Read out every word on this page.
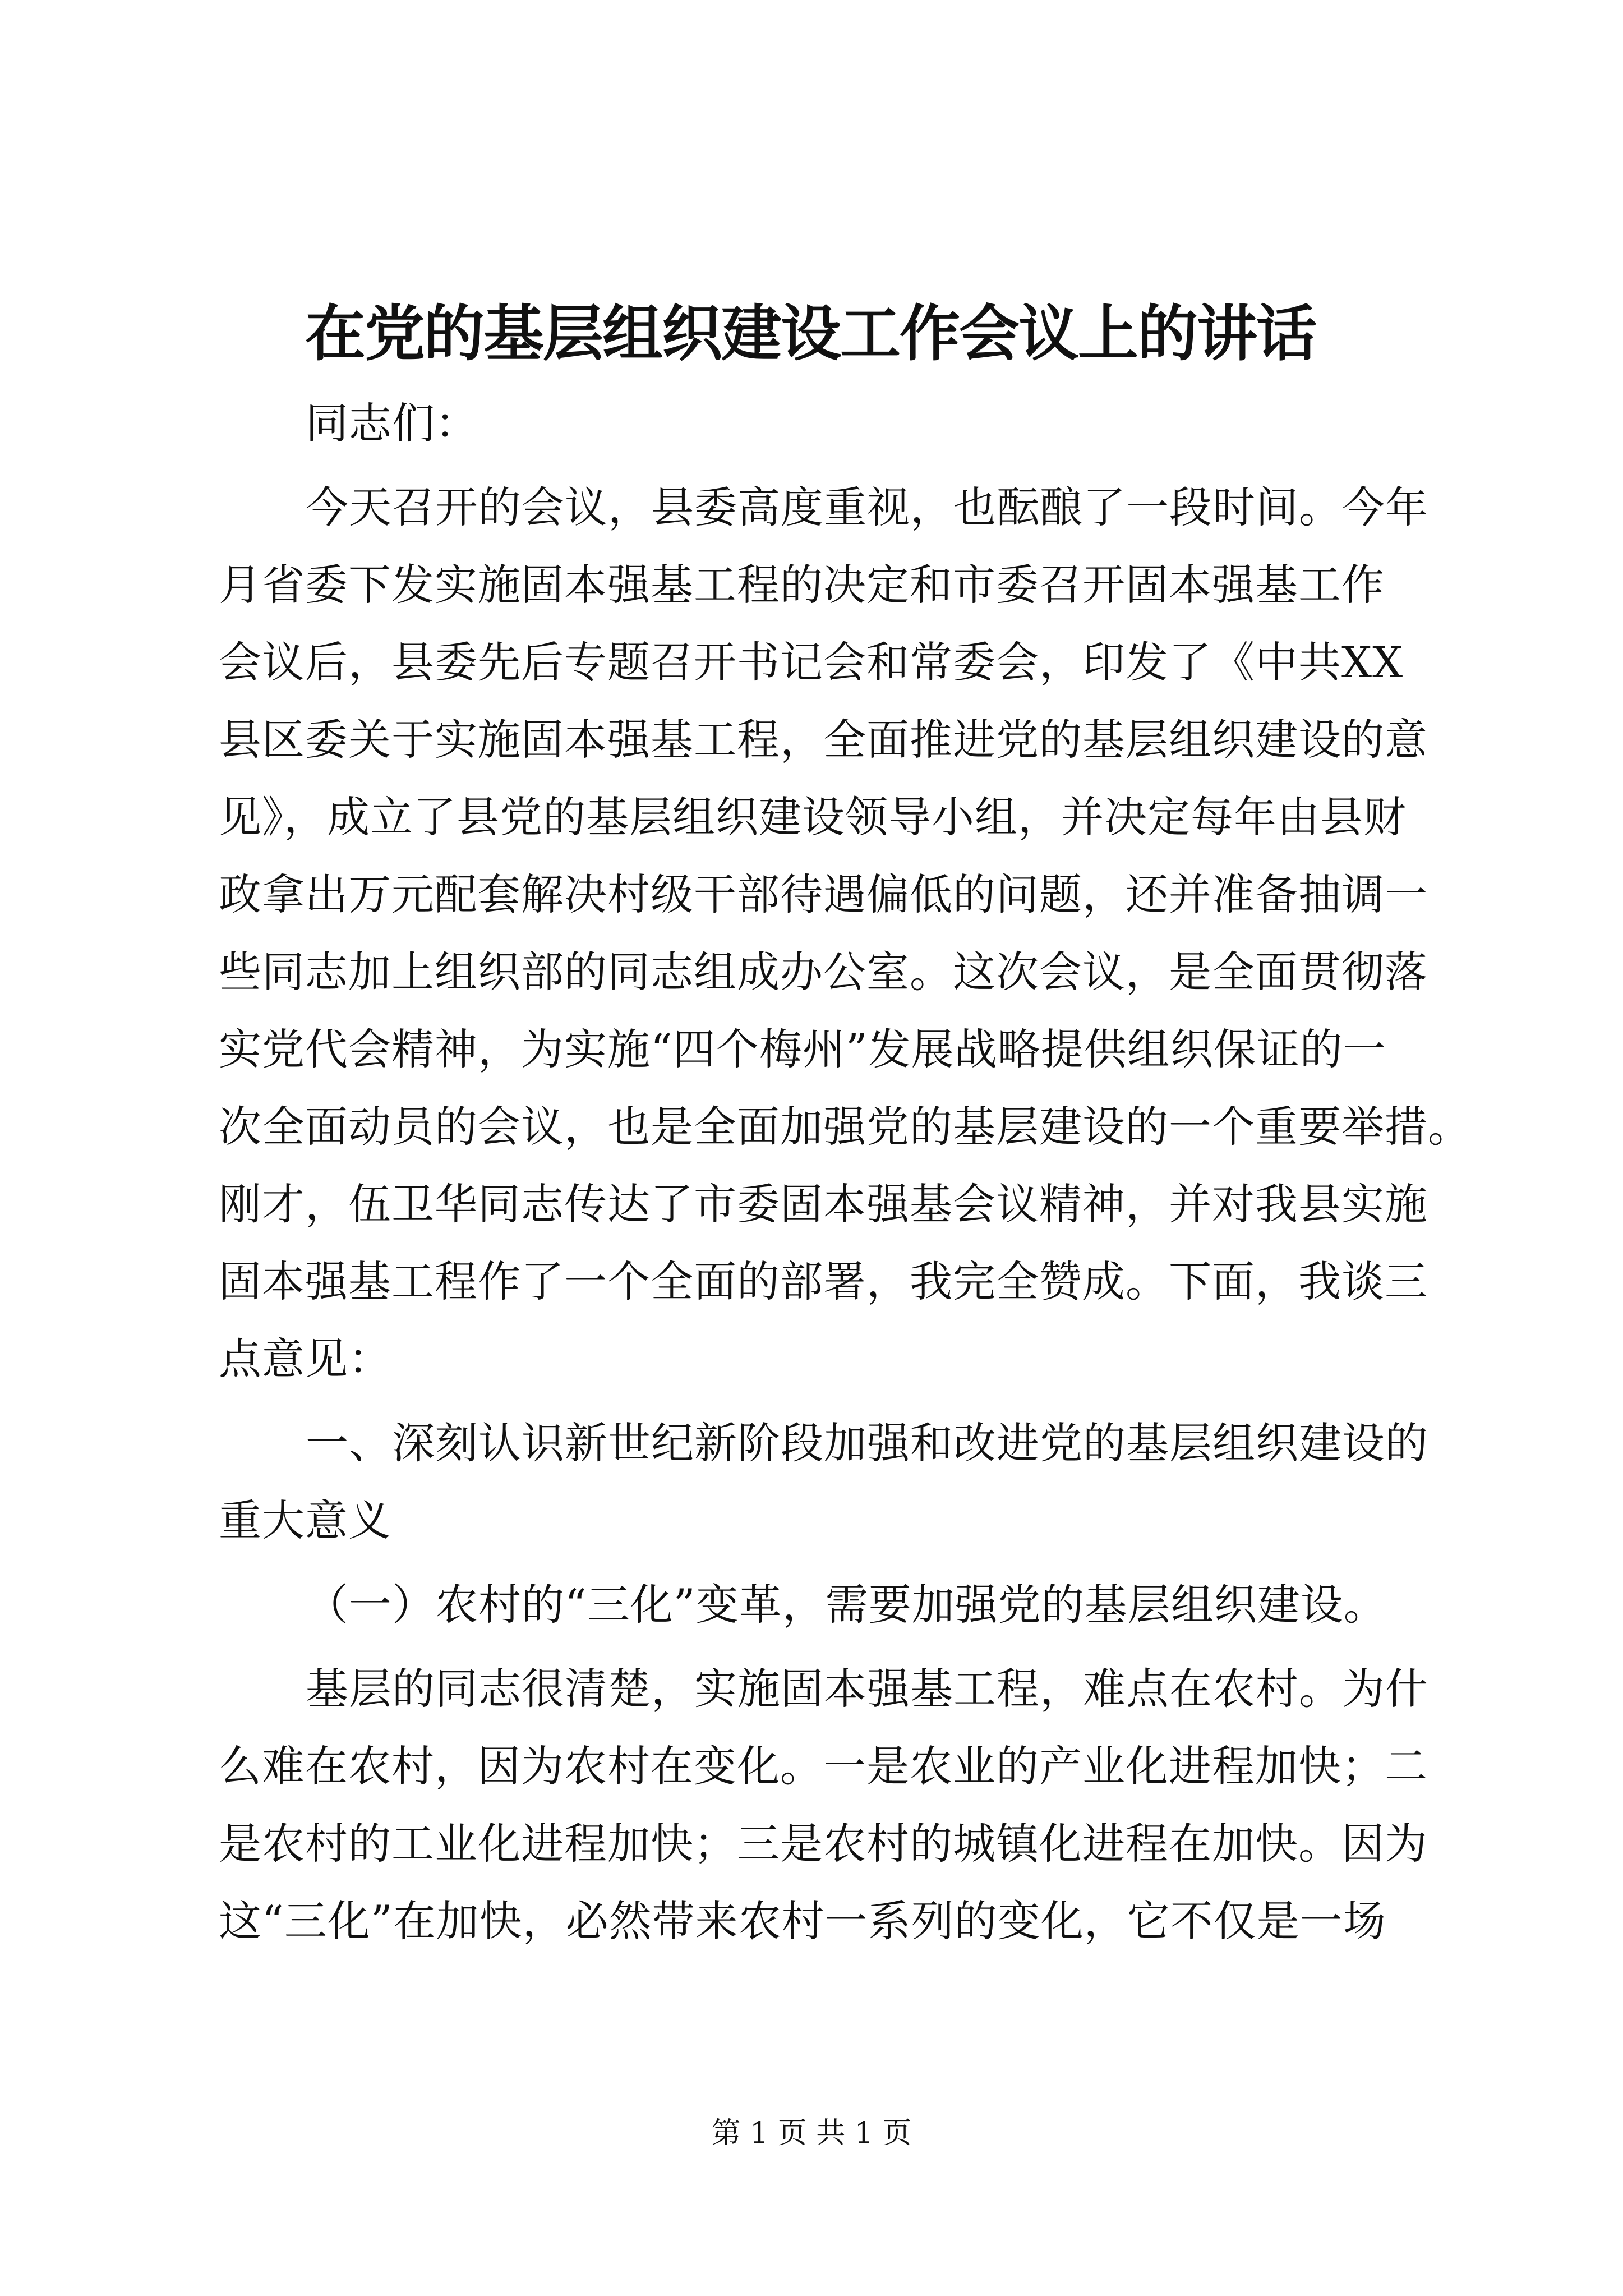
在党的基层组织建设工作会议上的讲话
同志们：
今天召开的会议，县委高度重视，也酝酿了一段时间。今年
月省委下发实施固本强基工程的决定和市委召开固本强基工作
会议后，县委先后专题召开书记会和常委会，印发了《中共XX
县区委关于实施固本强基工程，全面推进党的基层组织建设的意
见》，成立了县党的基层组织建设领导小组，并决定每年由县财
政拿出万元配套解决村级干部待遇偏低的问题，还并准备抽调一
些同志加上组织部的同志组成办公室。这次会议，是全面贯彻落
实党代会精神，为实施“四个梅州”发展战略提供组织保证的一
次全面动员的会议，也是全面加强党的基层建设的一个重要举措。
刚才，伍卫华同志传达了市委固本强基会议精神，并对我县实施
固本强基工程作了一个全面的部署，我完全赞成。下面，我谈三
点意见：
一、深刻认识新世纪新阶段加强和改进党的基层组织建设的
重大意义
（一）农村的“三化”变革，需要加强党的基层组织建设。
基层的同志很清楚，实施固本强基工程，难点在农村。为什
么难在农村，因为农村在变化。一是农业的产业化进程加快；二
是农村的工业化进程加快；三是农村的城镇化进程在加快。因为
这“三化”在加快，必然带来农村一系列的变化，它不仅是一场
第 1 页 共 1 页
